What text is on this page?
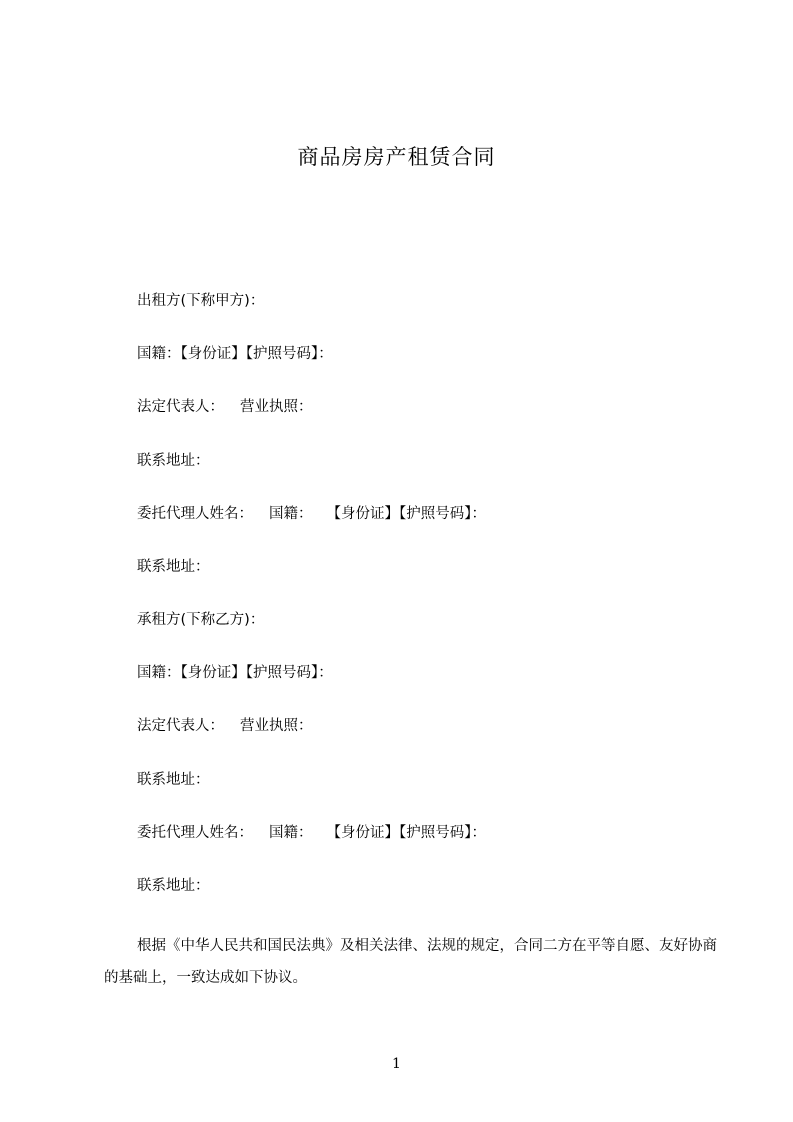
商品房房产租赁合同

出租方(下称甲方)：

国籍：【身份证】【护照号码】：

法定代表人： 营业执照：

联系地址：

委托代理人姓名： 国籍： 【身份证】【护照号码】：

联系地址：

承租方(下称乙方)：

国籍：【身份证】【护照号码】：

法定代表人： 营业执照：

联系地址：

委托代理人姓名： 国籍： 【身份证】【护照号码】：

联系地址：

根据《中华人民共和国民法典》及相关法律、法规的规定，合同二方在平等自愿、友好协商的基础上，一致达成如下协议。

1
